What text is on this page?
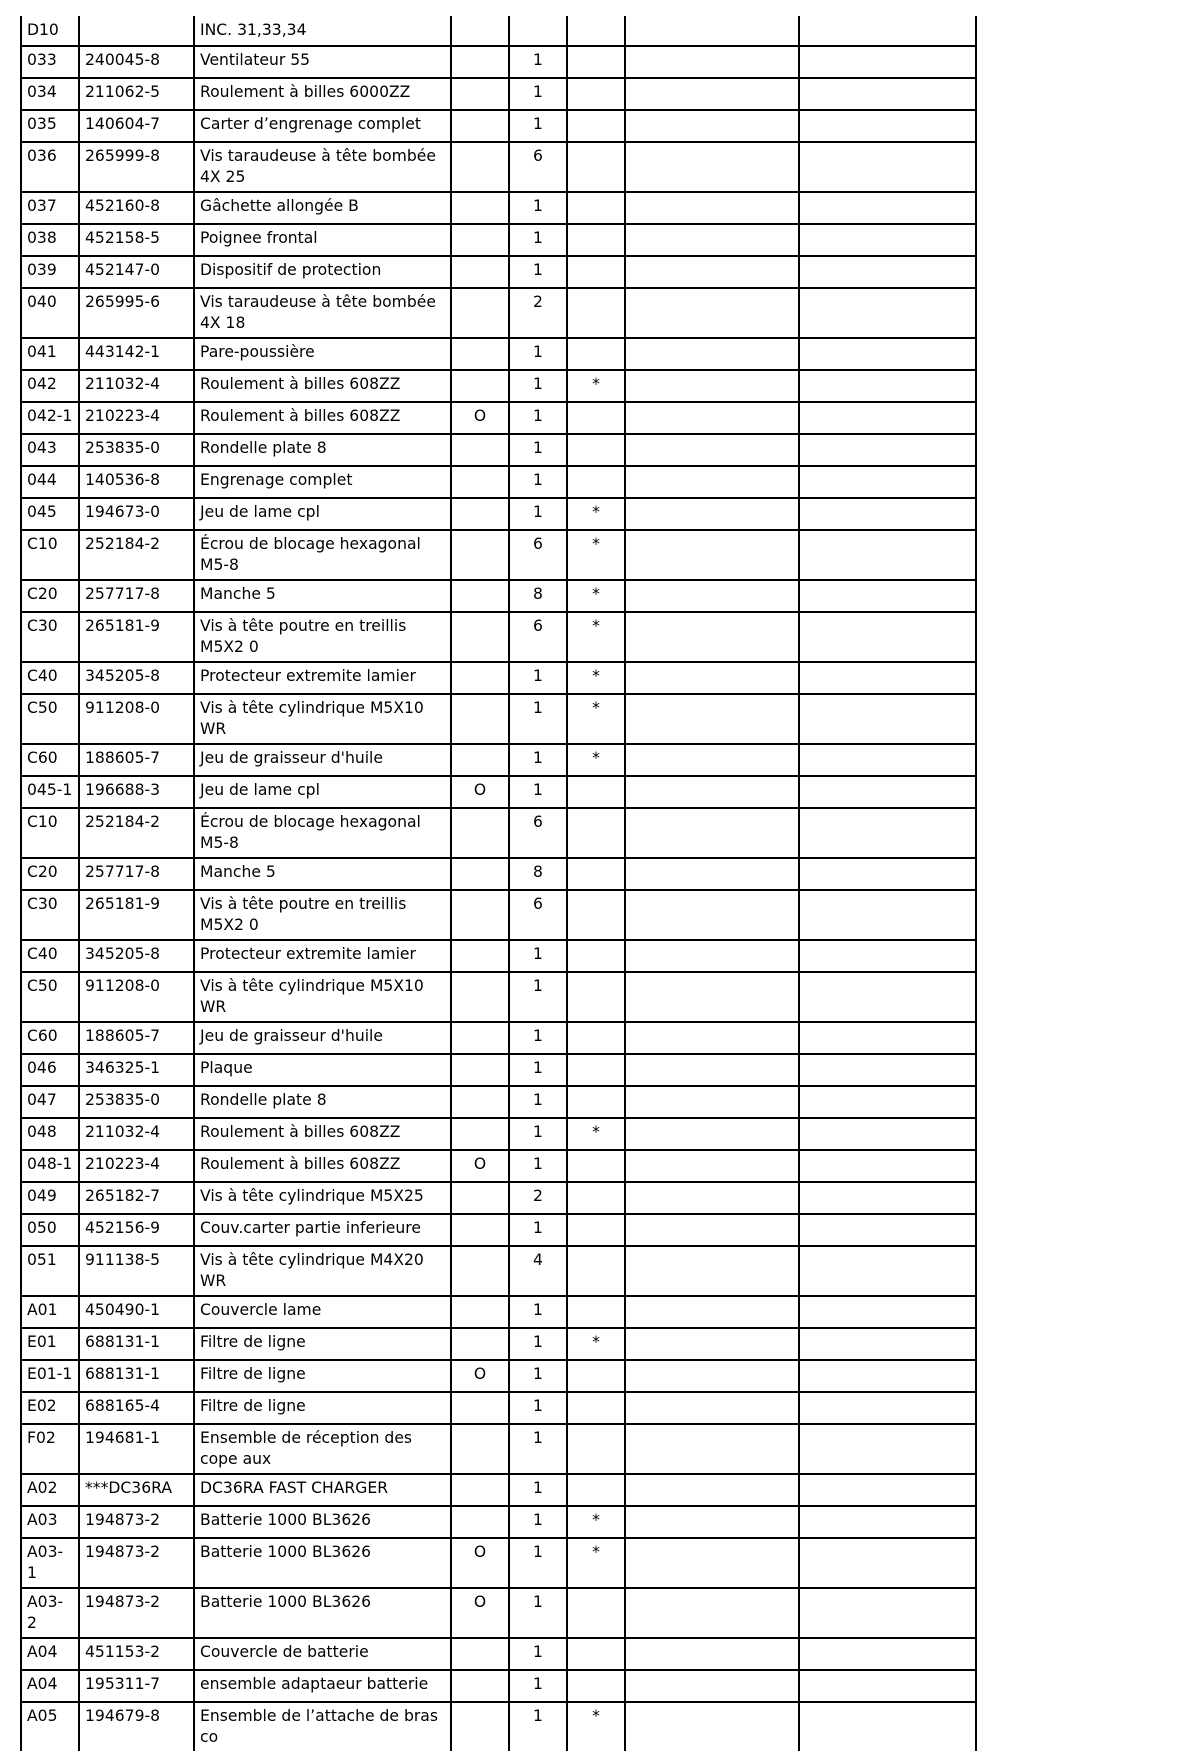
D10		INC. 31,33,34					
033	240045-8	Ventilateur 55		1			
034	211062-5	Roulement à billes 6000ZZ		1			
035	140604-7	Carter d’engrenage complet		1			
036	265999-8	Vis taraudeuse à tête bombée 4X 25		6			
037	452160-8	Gâchette allongée B		1			
038	452158-5	Poignee frontal		1			
039	452147-0	Dispositif de protection		1			
040	265995-6	Vis taraudeuse à tête bombée 4X 18		2			
041	443142-1	Pare-poussière		1			
042	211032-4	Roulement à billes 608ZZ		1	*		
042-1	210223-4	Roulement à billes 608ZZ	O	1			
043	253835-0	Rondelle plate 8		1			
044	140536-8	Engrenage complet		1			
045	194673-0	Jeu de lame cpl		1	*		
C10	252184-2	Écrou de blocage hexagonal M5-8		6	*		
C20	257717-8	Manche 5		8	*		
C30	265181-9	Vis à tête poutre en treillis M5X2 0		6	*		
C40	345205-8	Protecteur extremite lamier		1	*		
C50	911208-0	Vis à tête cylindrique M5X10 WR		1	*		
C60	188605-7	Jeu de graisseur d'huile		1	*		
045-1	196688-3	Jeu de lame cpl	O	1			
C10	252184-2	Écrou de blocage hexagonal M5-8		6			
C20	257717-8	Manche 5		8			
C30	265181-9	Vis à tête poutre en treillis M5X2 0		6			
C40	345205-8	Protecteur extremite lamier		1			
C50	911208-0	Vis à tête cylindrique M5X10 WR		1			
C60	188605-7	Jeu de graisseur d'huile		1			
046	346325-1	Plaque		1			
047	253835-0	Rondelle plate 8		1			
048	211032-4	Roulement à billes 608ZZ		1	*		
048-1	210223-4	Roulement à billes 608ZZ	O	1			
049	265182-7	Vis à tête cylindrique M5X25		2			
050	452156-9	Couv.carter partie inferieure		1			
051	911138-5	Vis à tête cylindrique M4X20 WR		4			
A01	450490-1	Couvercle lame		1			
E01	688131-1	Filtre de ligne		1	*		
E01-1	688131-1	Filtre de ligne	O	1			
E02	688165-4	Filtre de ligne		1			
F02	194681-1	Ensemble de réception des cope aux		1			
A02	***DC36RA	DC36RA FAST CHARGER		1			
A03	194873-2	Batterie 1000 BL3626		1	*		
A03-1	194873-2	Batterie 1000 BL3626	O	1	*		
A03-2	194873-2	Batterie 1000 BL3626	O	1			
A04	451153-2	Couvercle de batterie		1			
A04	195311-7	ensemble adaptaeur batterie		1			
A05	194679-8	Ensemble de l’attache de bras co		1	*		
